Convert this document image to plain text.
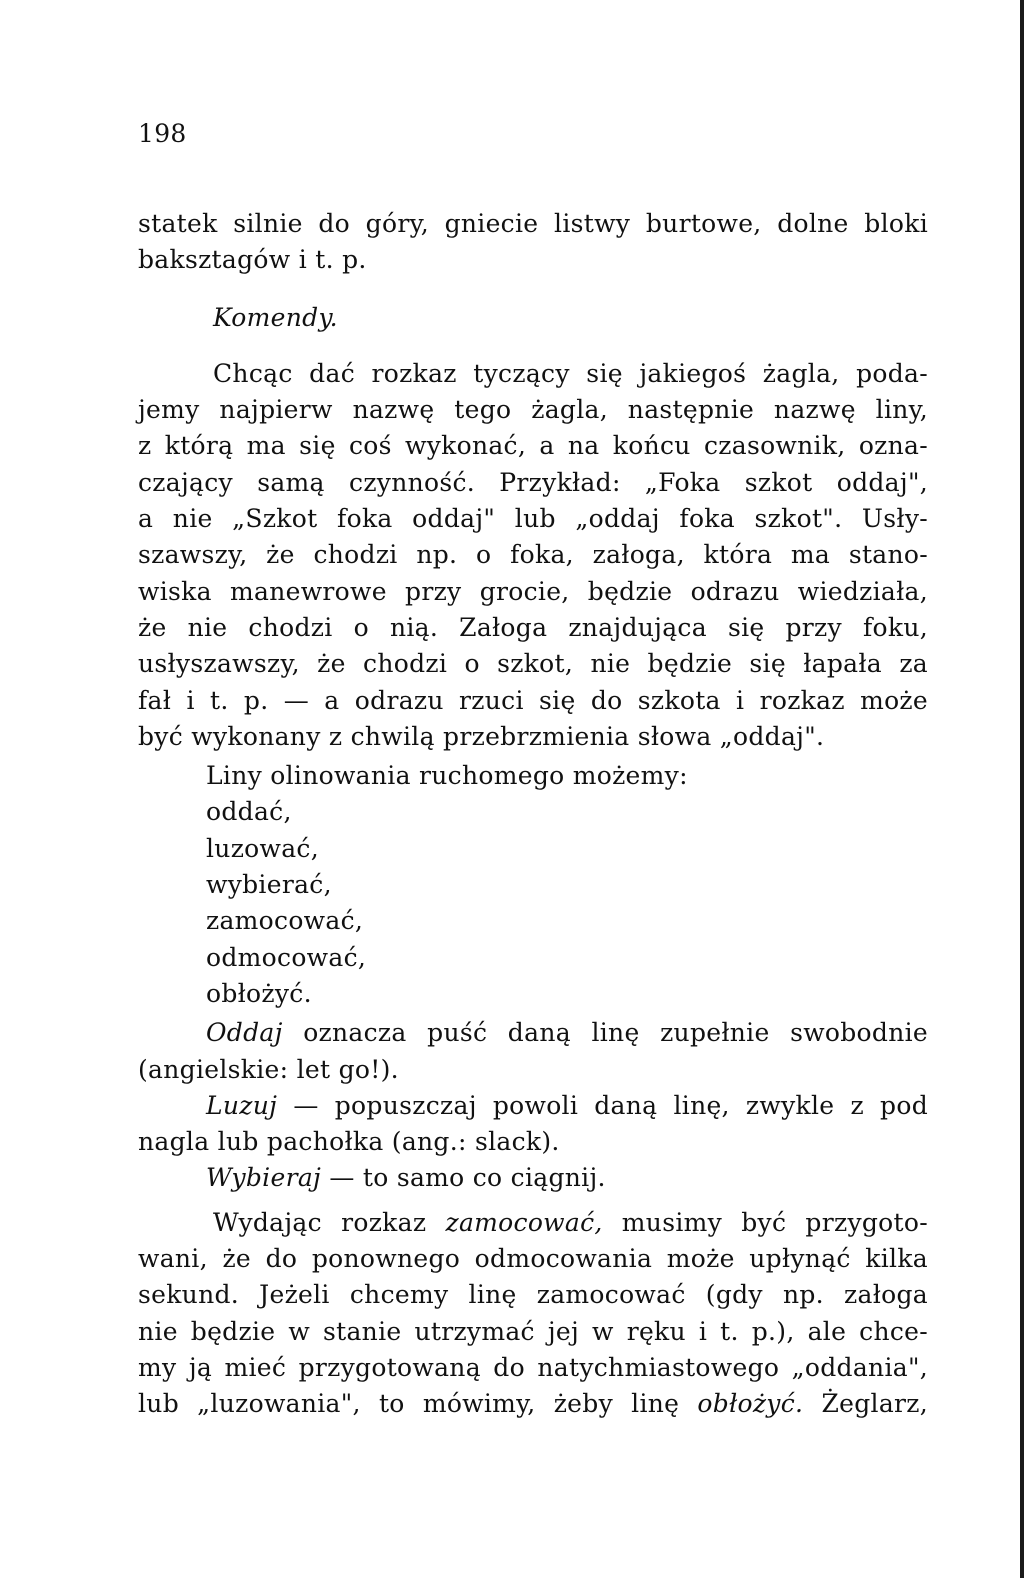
198
statek silnie do góry, gniecie listwy burtowe, dolne bloki
baksztagów i t. p.
Komendy.
Chcąc dać rozkaz tyczący się jakiegoś żagla, poda-
jemy najpierw nazwę tego żagla, następnie nazwę liny,
z którą ma się coś wykonać, a na końcu czasownik, ozna-
czający samą czynność. Przykład: „Foka szkot oddaj",
a nie „Szkot foka oddaj" lub „oddaj foka szkot". Usły-
szawszy, że chodzi np. o foka, załoga, która ma stano-
wiska manewrowe przy grocie, będzie odrazu wiedziała,
że nie chodzi o nią. Załoga znajdująca się przy foku,
usłyszawszy, że chodzi o szkot, nie będzie się łapała za
fał i t. p. — a odrazu rzuci się do szkota i rozkaz może
być wykonany z chwilą przebrzmienia słowa „oddaj".
Liny olinowania ruchomego możemy:
oddać,
luzować,
wybierać,
zamocować,
odmocować,
obłożyć.
Oddaj oznacza puść daną linę zupełnie swobodnie
(angielskie: let go!).
Luzuj — popuszczaj powoli daną linę, zwykle z pod
nagla lub pachołka (ang.: slack).
Wybieraj — to samo co ciągnij.
Wydając rozkaz zamocować, musimy być przygoto-
wani, że do ponownego odmocowania może upłynąć kilka
sekund. Jeżeli chcemy linę zamocować (gdy np. załoga
nie będzie w stanie utrzymać jej w ręku i t. p.), ale chce-
my ją mieć przygotowaną do natychmiastowego „oddania",
lub „luzowania", to mówimy, żeby linę obłożyć. Żeglarz,
